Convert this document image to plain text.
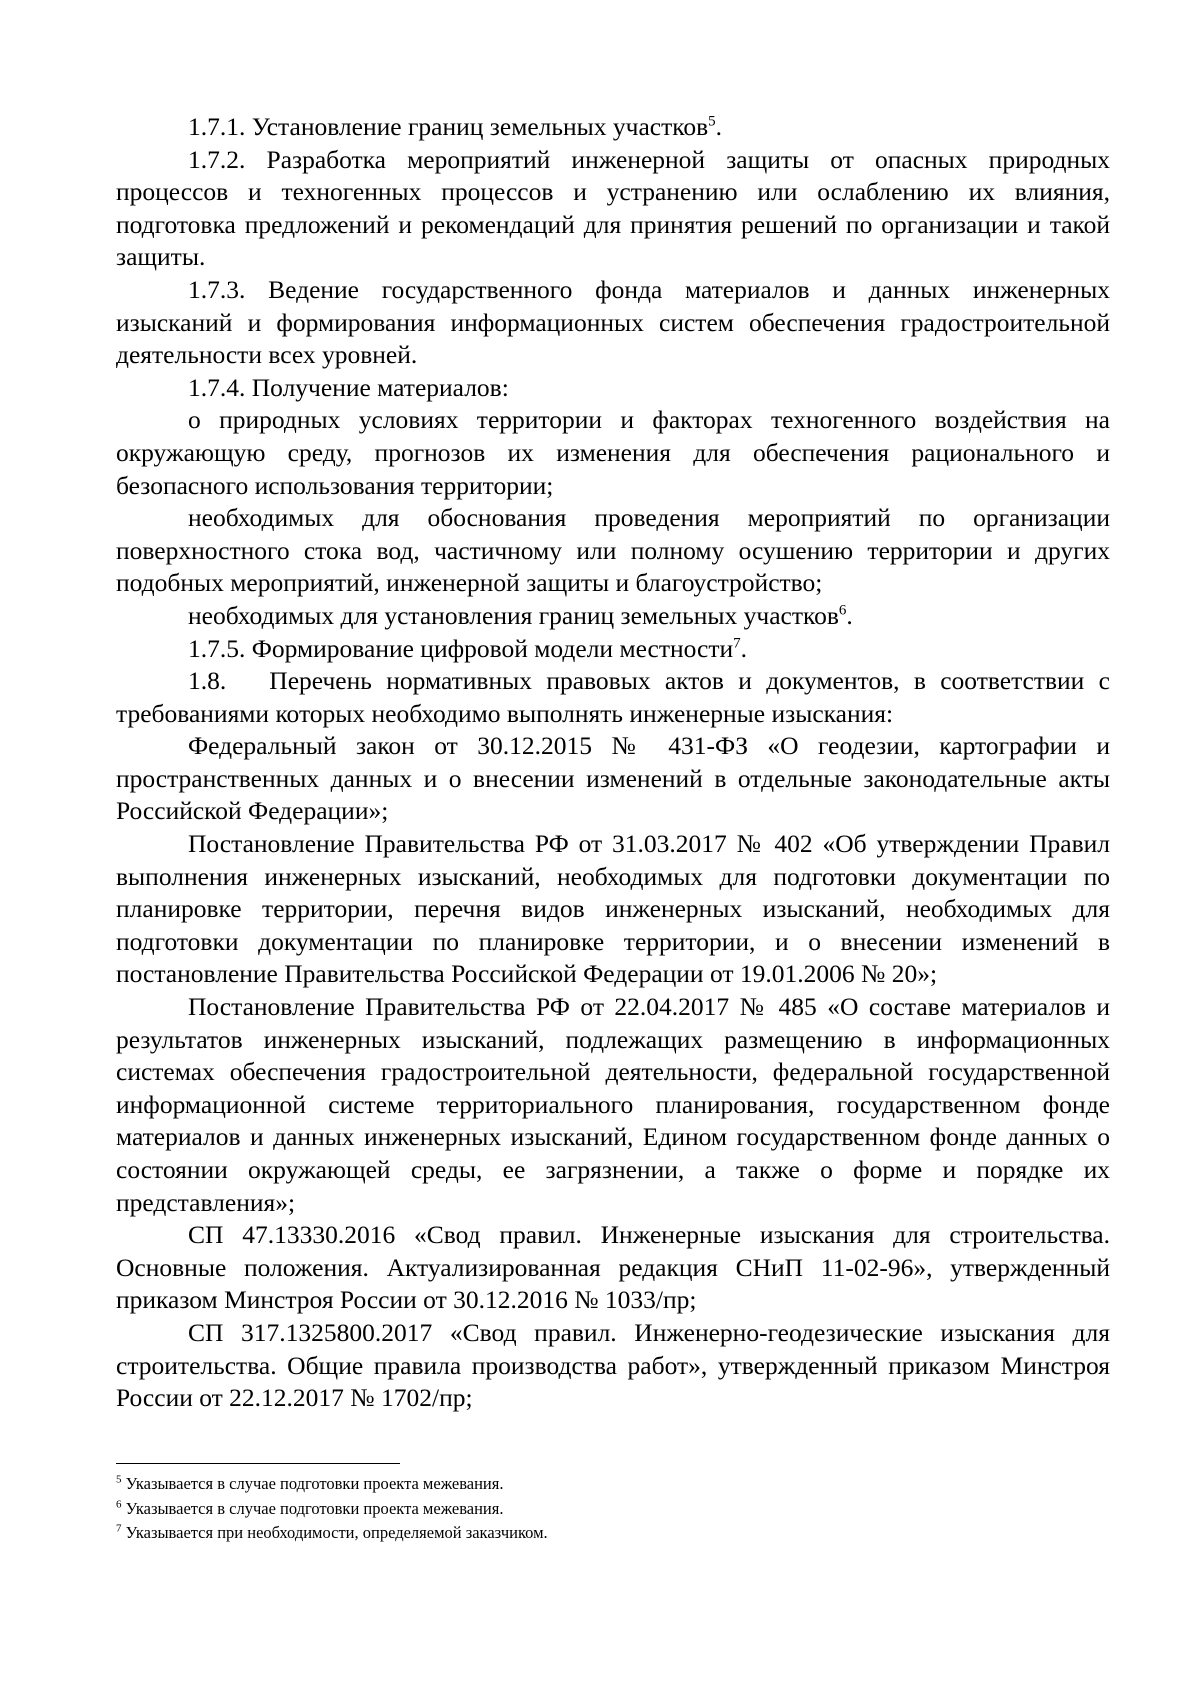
1.7.1. Установление границ земельных участков$^5$.

1.7.2. Разработка мероприятий инженерной защиты от опасных природных процессов и техногенных процессов и устранению или ослаблению их влияния, подготовка предложений и рекомендаций для принятия решений по организации и такой защиты.

1.7.3. Ведение государственного фонда материалов и данных инженерных изысканий и формирования информационных систем обеспечения градостроительной деятельности всех уровней.

1.7.4. Получение материалов:

о природных условиях территории и факторах техногенного воздействия на окружающую среду, прогнозов их изменения для обеспечения рационального и безопасного использования территории;

необходимых для обоснования проведения мероприятий по организации поверхностного стока вод, частичному или полному осушению территории и других подобных мероприятий, инженерной защиты и благоустройство;

необходимых для установления границ земельных участков$^6$.

1.7.5. Формирование цифровой модели местности$^7$.

1.8.   Перечень нормативных правовых актов и документов, в соответствии с требованиями которых необходимо выполнять инженерные изыскания:

Федеральный закон от 30.12.2015 № 431-ФЗ «О геодезии, картографии и пространственных данных и о внесении изменений в отдельные законодательные акты Российской Федерации»;

Постановление Правительства РФ от 31.03.2017 № 402 «Об утверждении Правил выполнения инженерных изысканий, необходимых для подготовки документации по планировке территории, перечня видов инженерных изысканий, необходимых для подготовки документации по планировке территории, и о внесении изменений в постановление Правительства Российской Федерации от 19.01.2006 № 20»;

Постановление Правительства РФ от 22.04.2017 № 485 «О составе материалов и результатов инженерных изысканий, подлежащих размещению в информационных системах обеспечения градостроительной деятельности, федеральной государственной информационной системе территориального планирования, государственном фонде материалов и данных инженерных изысканий, Едином государственном фонде данных о состоянии окружающей среды, ее загрязнении, а также о форме и порядке их представления»;

СП 47.13330.2016 «Свод правил. Инженерные изыскания для строительства. Основные положения. Актуализированная редакция СНиП 11-02-96», утвержденный приказом Минстроя России от 30.12.2016 № 1033/пр;

СП 317.1325800.2017 «Свод правил. Инженерно-геодезические изыскания для строительства. Общие правила производства работ», утвержденный приказом Минстроя России от 22.12.2017 № 1702/пр;

$^5$ Указывается в случае подготовки проекта межевания.

$^6$ Указывается в случае подготовки проекта межевания.

$^7$ Указывается при необходимости, определяемой заказчиком.
